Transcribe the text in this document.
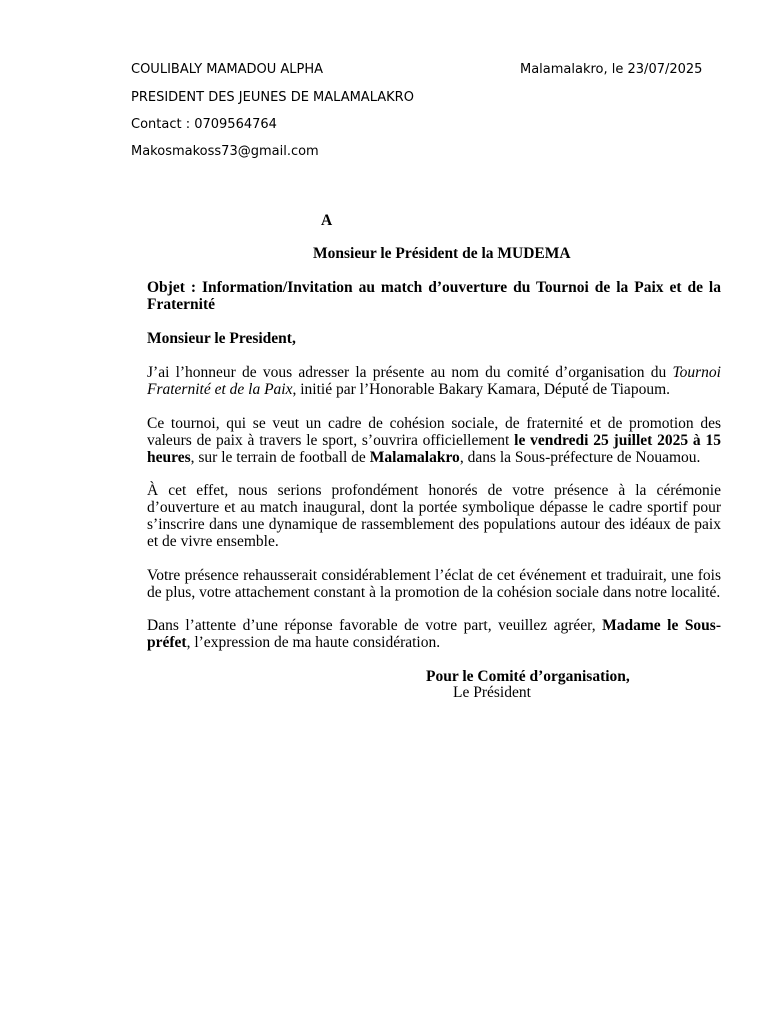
COULIBALY MAMADOU ALPHA	Malamalakro, le 23/07/2025
PRESIDENT DES JEUNES DE MALAMALAKRO
Contact : 0709564764
Makosmakoss73@gmail.com
A
Monsieur le Président de la MUDEMA
Objet : Information/Invitation au match d’ouverture du Tournoi de la Paix et de la Fraternité
Monsieur le President,
J’ai l’honneur de vous adresser la présente au nom du comité d’organisation du Tournoi Fraternité et de la Paix, initié par l’Honorable Bakary Kamara, Député de Tiapoum.
Ce tournoi, qui se veut un cadre de cohésion sociale, de fraternité et de promotion des valeurs de paix à travers le sport, s’ouvrira officiellement le vendredi 25 juillet 2025 à 15 heures, sur le terrain de football de Malamalakro, dans la Sous-préfecture de Nouamou.
À cet effet, nous serions profondément honorés de votre présence à la cérémonie d’ouverture et au match inaugural, dont la portée symbolique dépasse le cadre sportif pour s’inscrire dans une dynamique de rassemblement des populations autour des idéaux de paix et de vivre ensemble.
Votre présence rehausserait considérablement l’éclat de cet événement et traduirait, une fois de plus, votre attachement constant à la promotion de la cohésion sociale dans notre localité.
Dans l’attente d’une réponse favorable de votre part, veuillez agréer, Madame le Sous-préfet, l’expression de ma haute considération.
Pour le Comité d’organisation,
Le Président
